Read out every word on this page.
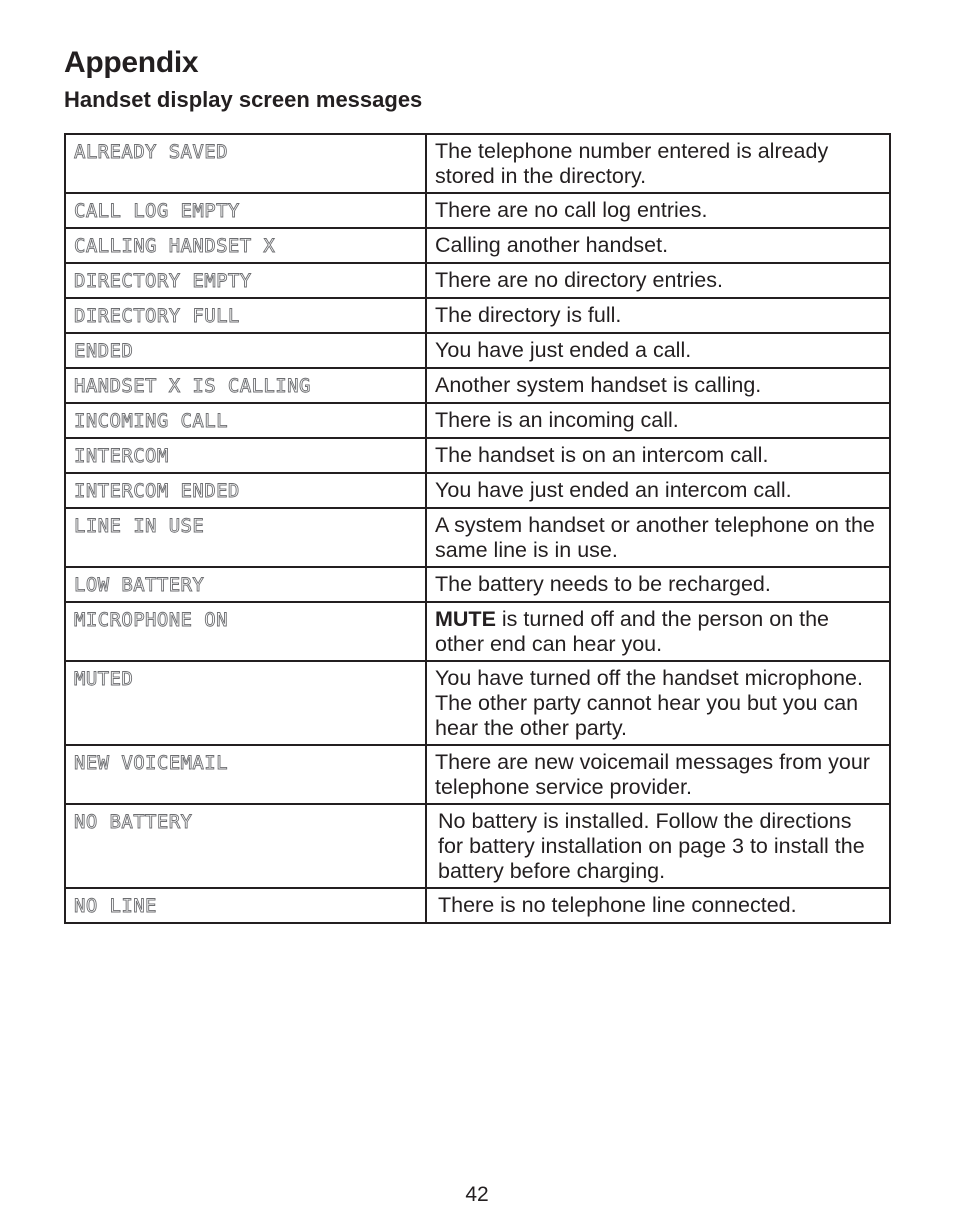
Appendix
Handset display screen messages
ALREADY SAVED	The telephone number entered is already stored in the directory.
CALL LOG EMPTY	There are no call log entries.
CALLING HANDSET X	Calling another handset.
DIRECTORY EMPTY	There are no directory entries.
DIRECTORY FULL	The directory is full.
ENDED	You have just ended a call.
HANDSET X IS CALLING	Another system handset is calling.
INCOMING CALL	There is an incoming call.
INTERCOM	The handset is on an intercom call.
INTERCOM ENDED	You have just ended an intercom call.
LINE IN USE	A system handset or another telephone on the same line is in use.
LOW BATTERY	The battery needs to be recharged.
MICROPHONE ON	MUTE is turned off and the person on the other end can hear you.
MUTED	You have turned off the handset microphone. The other party cannot hear you but you can hear the other party.
NEW VOICEMAIL	There are new voicemail messages from your telephone service provider.
NO BATTERY	No battery is installed. Follow the directions for battery installation on page 3 to install the battery before charging.
NO LINE	There is no telephone line connected.
42
